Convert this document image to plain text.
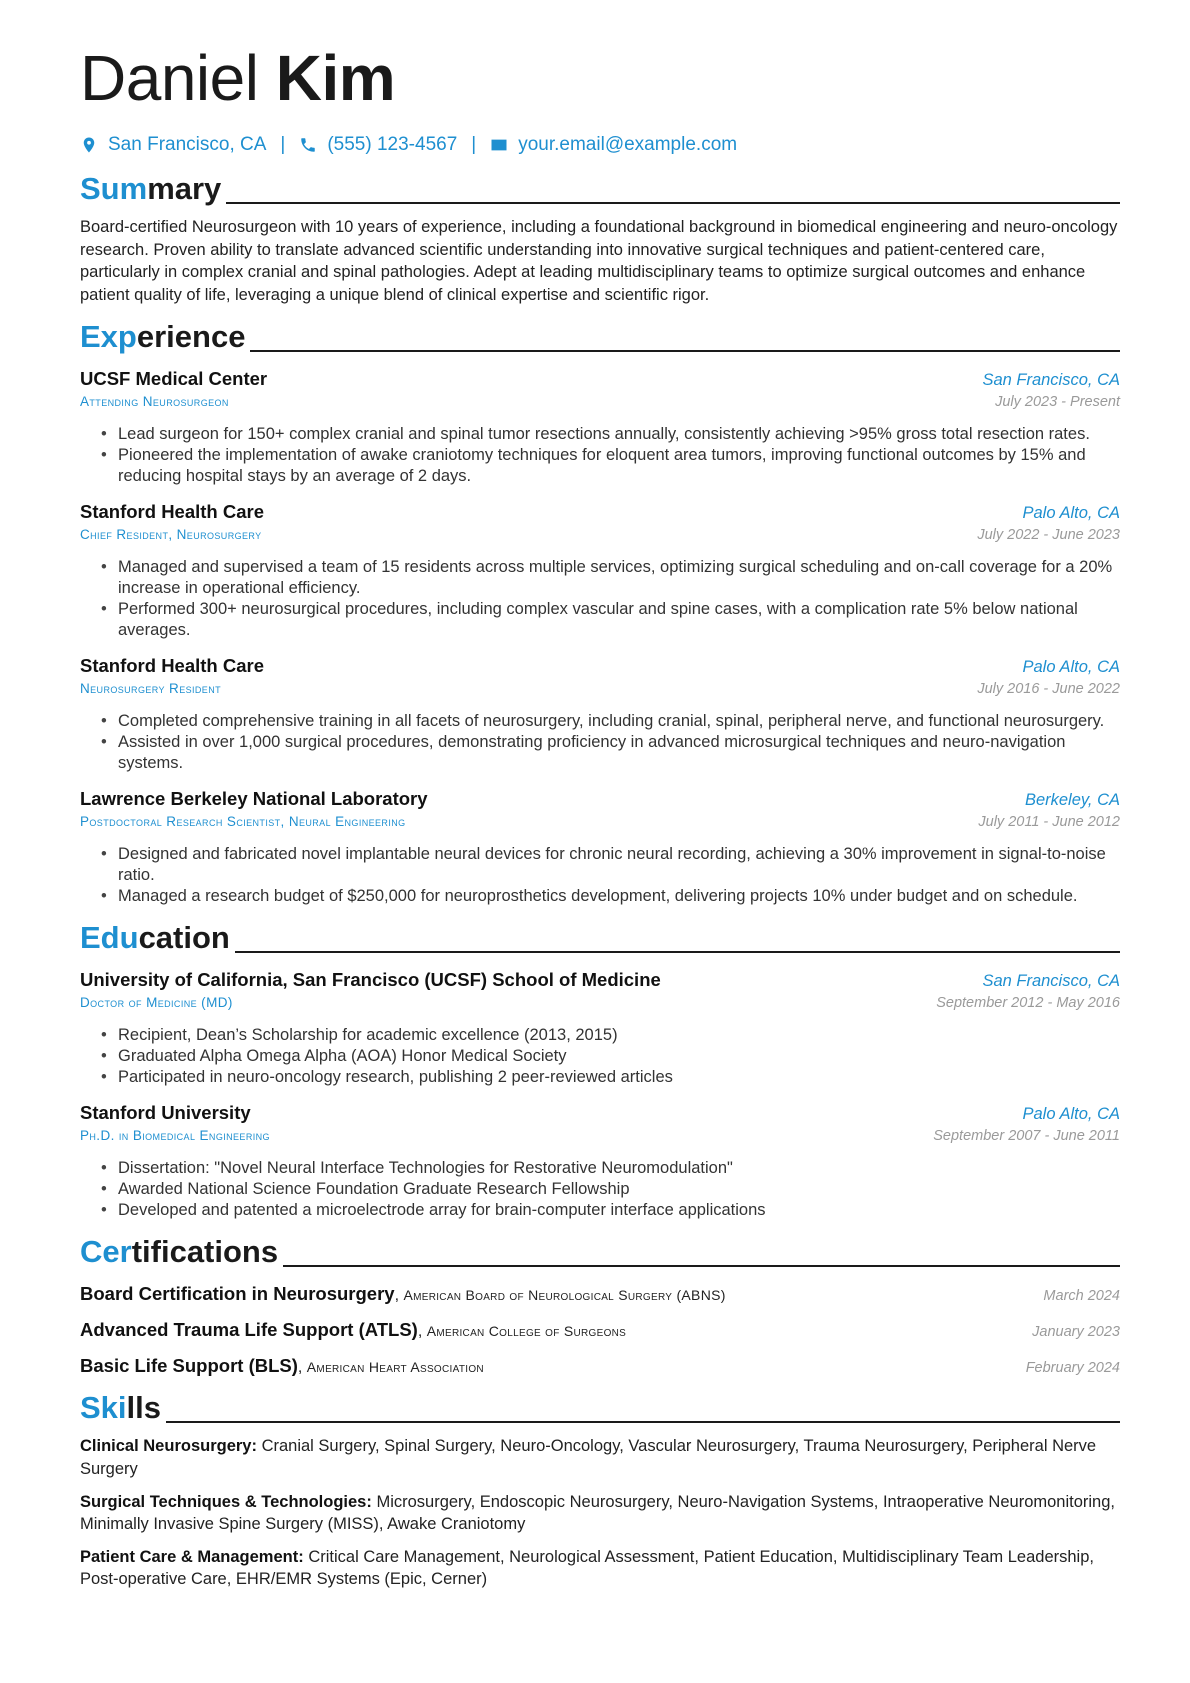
Daniel Kim
San Francisco, CA | (555) 123-4567 | your.email@example.com
Summary
Board-certified Neurosurgeon with 10 years of experience, including a foundational background in biomedical engineering and neuro-oncology research. Proven ability to translate advanced scientific understanding into innovative surgical techniques and patient-centered care, particularly in complex cranial and spinal pathologies. Adept at leading multidisciplinary teams to optimize surgical outcomes and enhance patient quality of life, leveraging a unique blend of clinical expertise and scientific rigor.
Experience
UCSF Medical Center	San Francisco, CA
Attending Neurosurgeon	July 2023 - Present
• Lead surgeon for 150+ complex cranial and spinal tumor resections annually, consistently achieving >95% gross total resection rates.
• Pioneered the implementation of awake craniotomy techniques for eloquent area tumors, improving functional outcomes by 15% and reducing hospital stays by an average of 2 days.
Stanford Health Care	Palo Alto, CA
Chief Resident, Neurosurgery	July 2022 - June 2023
• Managed and supervised a team of 15 residents across multiple services, optimizing surgical scheduling and on-call coverage for a 20% increase in operational efficiency.
• Performed 300+ neurosurgical procedures, including complex vascular and spine cases, with a complication rate 5% below national averages.
Stanford Health Care	Palo Alto, CA
Neurosurgery Resident	July 2016 - June 2022
• Completed comprehensive training in all facets of neurosurgery, including cranial, spinal, peripheral nerve, and functional neurosurgery.
• Assisted in over 1,000 surgical procedures, demonstrating proficiency in advanced microsurgical techniques and neuro-navigation systems.
Lawrence Berkeley National Laboratory	Berkeley, CA
Postdoctoral Research Scientist, Neural Engineering	July 2011 - June 2012
• Designed and fabricated novel implantable neural devices for chronic neural recording, achieving a 30% improvement in signal-to-noise ratio.
• Managed a research budget of $250,000 for neuroprosthetics development, delivering projects 10% under budget and on schedule.
Education
University of California, San Francisco (UCSF) School of Medicine	San Francisco, CA
Doctor of Medicine (MD)	September 2012 - May 2016
• Recipient, Dean’s Scholarship for academic excellence (2013, 2015)
• Graduated Alpha Omega Alpha (AOA) Honor Medical Society
• Participated in neuro-oncology research, publishing 2 peer-reviewed articles
Stanford University	Palo Alto, CA
Ph.D. in Biomedical Engineering	September 2007 - June 2011
• Dissertation: "Novel Neural Interface Technologies for Restorative Neuromodulation"
• Awarded National Science Foundation Graduate Research Fellowship
• Developed and patented a microelectrode array for brain-computer interface applications
Certifications
Board Certification in Neurosurgery, American Board of Neurological Surgery (ABNS)	March 2024
Advanced Trauma Life Support (ATLS), American College of Surgeons	January 2023
Basic Life Support (BLS), American Heart Association	February 2024
Skills
Clinical Neurosurgery: Cranial Surgery, Spinal Surgery, Neuro-Oncology, Vascular Neurosurgery, Trauma Neurosurgery, Peripheral Nerve Surgery
Surgical Techniques & Technologies: Microsurgery, Endoscopic Neurosurgery, Neuro-Navigation Systems, Intraoperative Neuromonitoring, Minimally Invasive Spine Surgery (MISS), Awake Craniotomy
Patient Care & Management: Critical Care Management, Neurological Assessment, Patient Education, Multidisciplinary Team Leadership, Post-operative Care, EHR/EMR Systems (Epic, Cerner)
